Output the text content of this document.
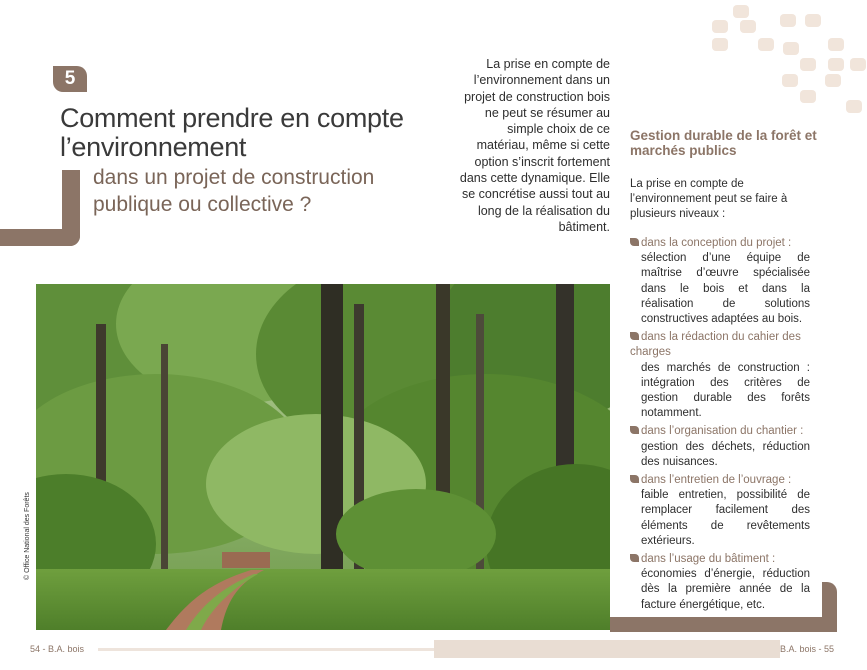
5
Comment prendre en compte l’environnement
dans un projet de construction publique ou collective ?
La prise en compte de l’environnement dans un projet de construction bois ne peut se résumer au simple choix de ce matériau, même si cette option s’inscrit fortement dans cette dynamique. Elle se concrétise aussi tout au long de la réalisation du bâtiment.
© Office National des Forêts
Gestion durable de la forêt et marchés publics
La prise en compte de l’environnement peut se faire à plusieurs niveaux :
dans la conception du projet :
sélection d’une équipe de maîtrise d’œuvre spécialisée dans le bois et dans la réalisation de solutions constructives adaptées au bois.
dans la rédaction du cahier des charges
des marchés de construction : intégration des critères de gestion durable des forêts notamment.
dans l’organisation du chantier :
gestion des déchets, réduction des nuisances.
dans l’entretien de l’ouvrage :
faible entretien, possibilité de remplacer facilement des éléments de revêtements extérieurs.
dans l’usage du bâtiment :
économies d’énergie, réduction dès la première année de la facture énergétique, etc.
54 - B.A. bois	B.A. bois - 55
